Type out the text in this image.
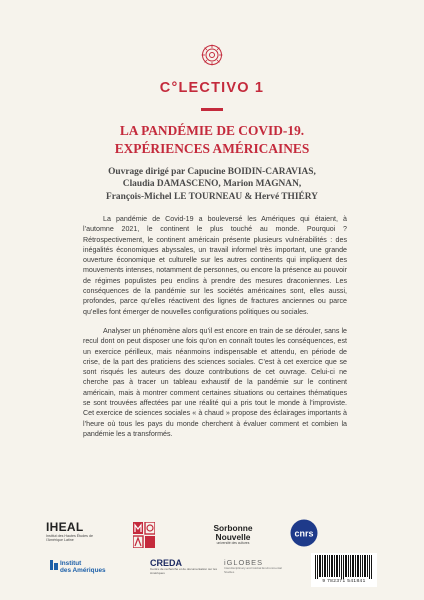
C°LECTIVO 1
LA PANDÉMIE DE COVID-19.
EXPÉRIENCES AMÉRICAINES
Ouvrage dirigé par Capucine BOIDIN-CARAVIAS,
Claudia DAMASCENO, Marion MAGNAN,
François-Michel LE TOURNEAU & Hervé THIÉRY

La pandémie de Covid-19 a bouleversé les Amériques qui étaient, à l’automne 2021, le continent le plus touché au monde. Pourquoi ? Rétrospectivement, le continent américain présente plusieurs vulnérabilités : des inégalités économiques abyssales, un travail informel très important, une grande ouverture économique et culturelle sur les autres continents qui impliquent des mouvements intenses, notamment de personnes, ou encore la présence au pouvoir de régimes populistes peu enclins à prendre des mesures draconiennes. Les conséquences de la pandémie sur les sociétés américaines sont, elles aussi, profondes, parce qu’elles réactivent des lignes de fractures anciennes ou parce qu’elles font émerger de nouvelles configurations politiques ou sociales.

Analyser un phénomène alors qu’il est encore en train de se dérouler, sans le recul dont on peut disposer une fois qu’on en connaît toutes les conséquences, est un exercice périlleux, mais néanmoins indispensable et attendu, en période de crise, de la part des praticiens des sciences sociales. C’est à cet exercice que se sont risqués les auteurs des douze contributions de cet ouvrage. Celui-ci ne cherche pas à tracer un tableau exhaustif de la pandémie sur le continent américain, mais à montrer comment certaines situations ou certaines thématiques se sont trouvées affectées par une réalité qui a pris tout le monde à l’improviste. Cet exercice de sciences sociales « à chaud » propose des éclairages importants à l’heure où tous les pays du monde cherchent à évaluer comment et combien la pandémie les a transformés.

IHEAL
Institut des Hautes Études de l’Amérique Latine
Sorbonne
Nouvelle
université des cultures
cnrs
Institut
des Amériques
CREDA
Centre de recherche et de documentation sur les Amériques
iGLOBES
Interdisciplinary and Global Environmental Studies
9 782371 541841
